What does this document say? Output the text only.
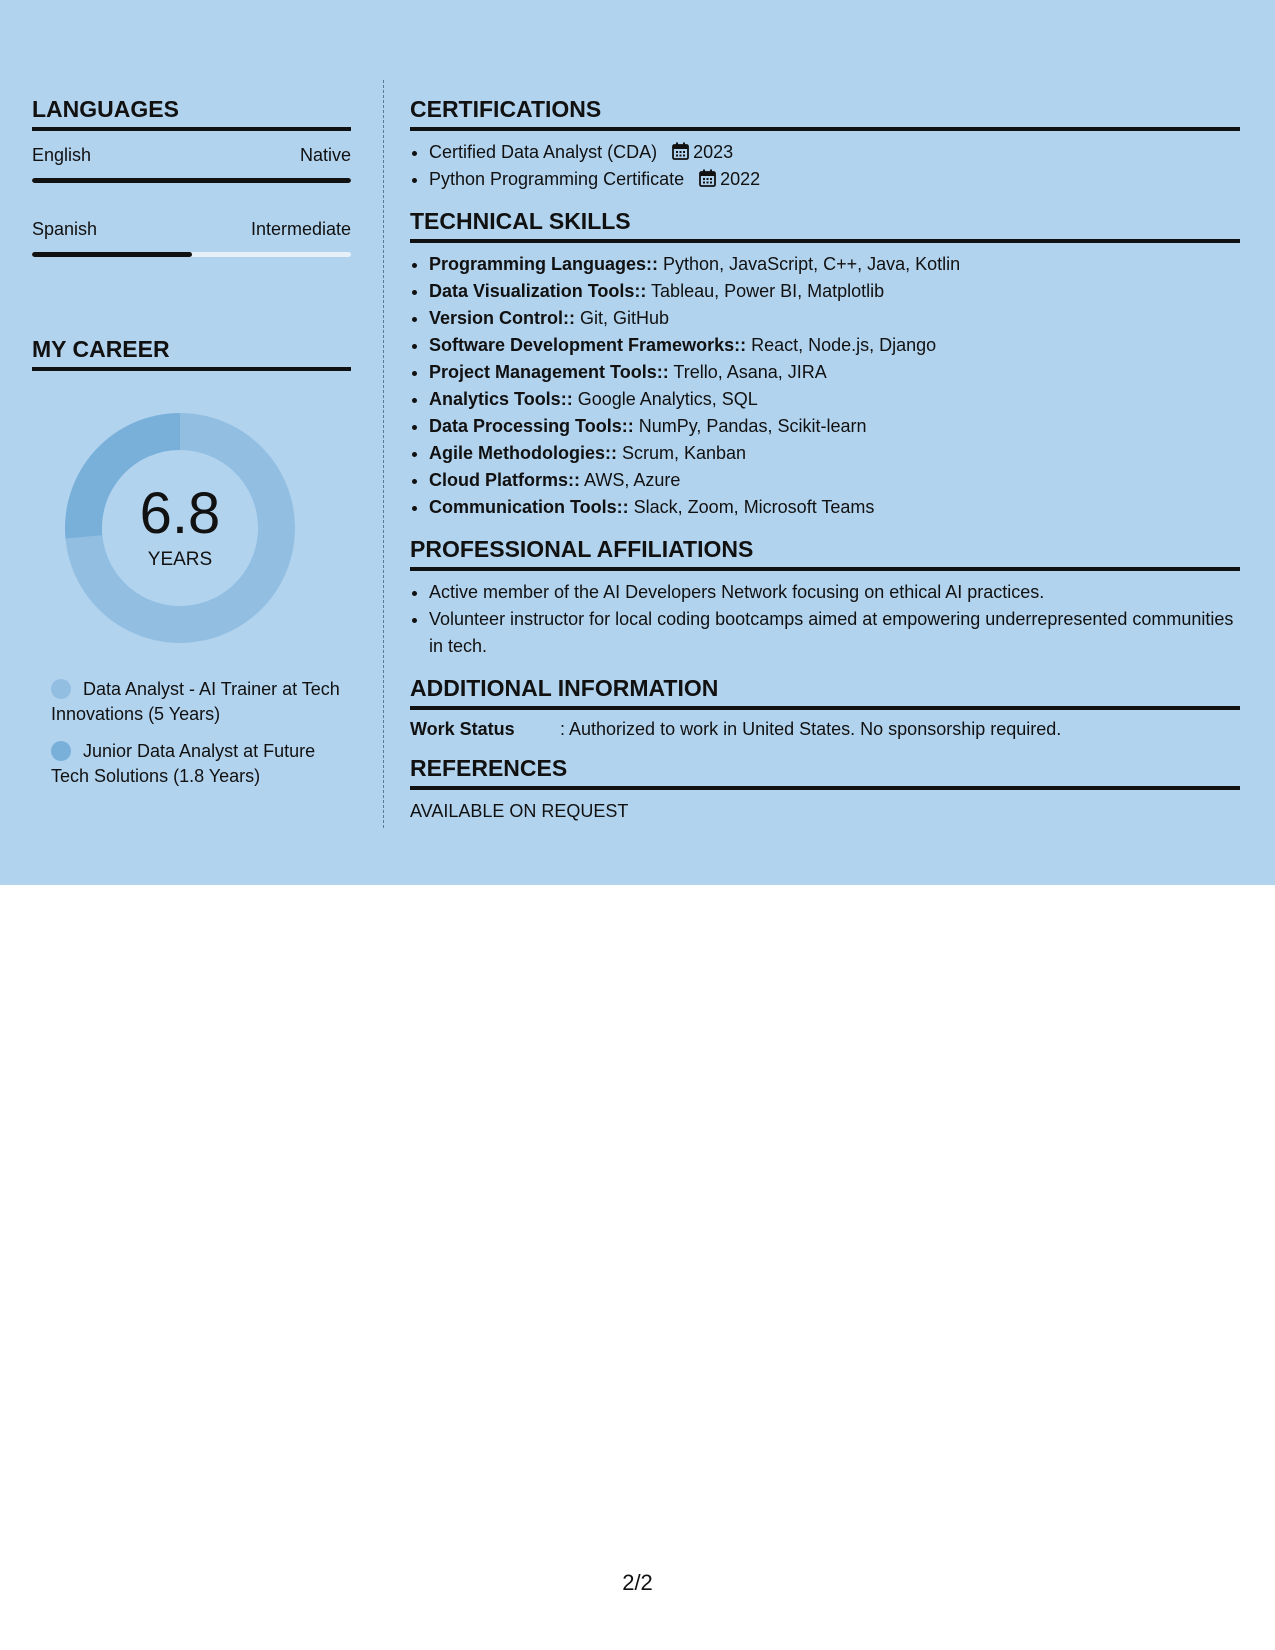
LANGUAGES
English	Native
Spanish	Intermediate
MY CAREER
6.8
YEARS
Data Analyst - AI Trainer at Tech Innovations (5 Years)
Junior Data Analyst at Future Tech Solutions (1.8 Years)
CERTIFICATIONS
• Certified Data Analyst (CDA) 2023
• Python Programming Certificate 2022
TECHNICAL SKILLS
• Programming Languages:: Python, JavaScript, C++, Java, Kotlin
• Data Visualization Tools:: Tableau, Power BI, Matplotlib
• Version Control:: Git, GitHub
• Software Development Frameworks:: React, Node.js, Django
• Project Management Tools:: Trello, Asana, JIRA
• Analytics Tools:: Google Analytics, SQL
• Data Processing Tools:: NumPy, Pandas, Scikit-learn
• Agile Methodologies:: Scrum, Kanban
• Cloud Platforms:: AWS, Azure
• Communication Tools:: Slack, Zoom, Microsoft Teams
PROFESSIONAL AFFILIATIONS
• Active member of the AI Developers Network focusing on ethical AI practices.
• Volunteer instructor for local coding bootcamps aimed at empowering underrepresented communities in tech.
ADDITIONAL INFORMATION
Work Status	: Authorized to work in United States. No sponsorship required.
REFERENCES
AVAILABLE ON REQUEST
2/2
